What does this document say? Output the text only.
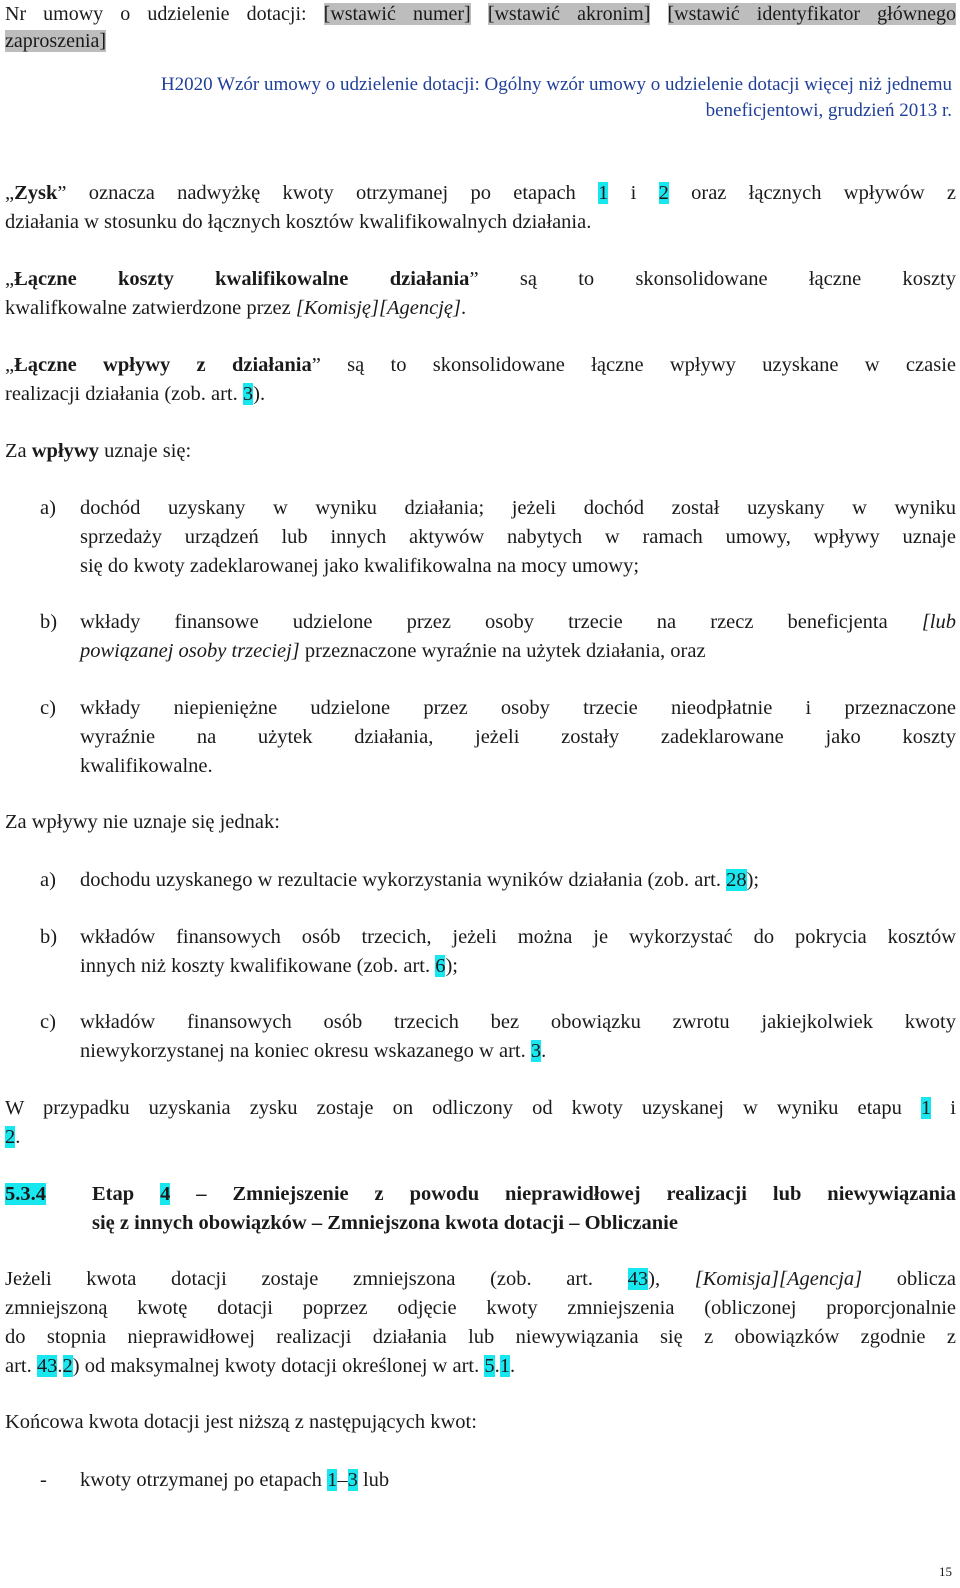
Nr umowy o udzielenie dotacji: [wstawić numer] [wstawić akronim] [wstawić identyfikator głównego
zaproszenia]
H2020 Wzór umowy o udzielenie dotacji: Ogólny wzór umowy o udzielenie dotacji więcej niż jednemu
beneficjentowi, grudzień 2013 r.
„Zysk” oznacza nadwyżkę kwoty otrzymanej po etapach 1 i 2 oraz łącznych wpływów z
działania w stosunku do łącznych kosztów kwalifikowalnych działania.
„Łączne koszty kwalifikowalne działania” są to skonsolidowane łączne koszty
kwalifkowalne zatwierdzone przez [Komisję][Agencję].
„Łączne wpływy z działania” są to skonsolidowane łączne wpływy uzyskane w czasie
realizacji działania (zob. art. 3).
Za wpływy uznaje się:
a) dochód uzyskany w wyniku działania; jeżeli dochód został uzyskany w wyniku
sprzedaży urządzeń lub innych aktywów nabytych w ramach umowy, wpływy uznaje
się do kwoty zadeklarowanej jako kwalifikowalna na mocy umowy;
b) wkłady finansowe udzielone przez osoby trzecie na rzecz beneficjenta [lub
powiązanej osoby trzeciej] przeznaczone wyraźnie na użytek działania, oraz
c) wkłady niepieniężne udzielone przez osoby trzecie nieodpłatnie i przeznaczone
wyraźnie na użytek działania, jeżeli zostały zadeklarowane jako koszty
kwalifikowalne.
Za wpływy nie uznaje się jednak:
a) dochodu uzyskanego w rezultacie wykorzystania wyników działania (zob. art. 28);
b) wkładów finansowych osób trzecich, jeżeli można je wykorzystać do pokrycia kosztów
innych niż koszty kwalifikowane (zob. art. 6);
c) wkładów finansowych osób trzecich bez obowiązku zwrotu jakiejkolwiek kwoty
niewykorzystanej na koniec okresu wskazanego w art. 3.
W przypadku uzyskania zysku zostaje on odliczony od kwoty uzyskanej w wyniku etapu 1 i
2.
5.3.4 Etap 4 – Zmniejszenie z powodu nieprawidłowej realizacji lub niewywiązania
się z innych obowiązków – Zmniejszona kwota dotacji – Obliczanie
Jeżeli kwota dotacji zostaje zmniejszona (zob. art. 43), [Komisja][Agencja] oblicza
zmniejszoną kwotę dotacji poprzez odjęcie kwoty zmniejszenia (obliczonej proporcjonalnie
do stopnia nieprawidłowej realizacji działania lub niewywiązania się z obowiązków zgodnie z
art. 43.2) od maksymalnej kwoty dotacji określonej w art. 5.1.
Końcowa kwota dotacji jest niższą z następujących kwot:
- kwoty otrzymanej po etapach 1–3 lub
15
